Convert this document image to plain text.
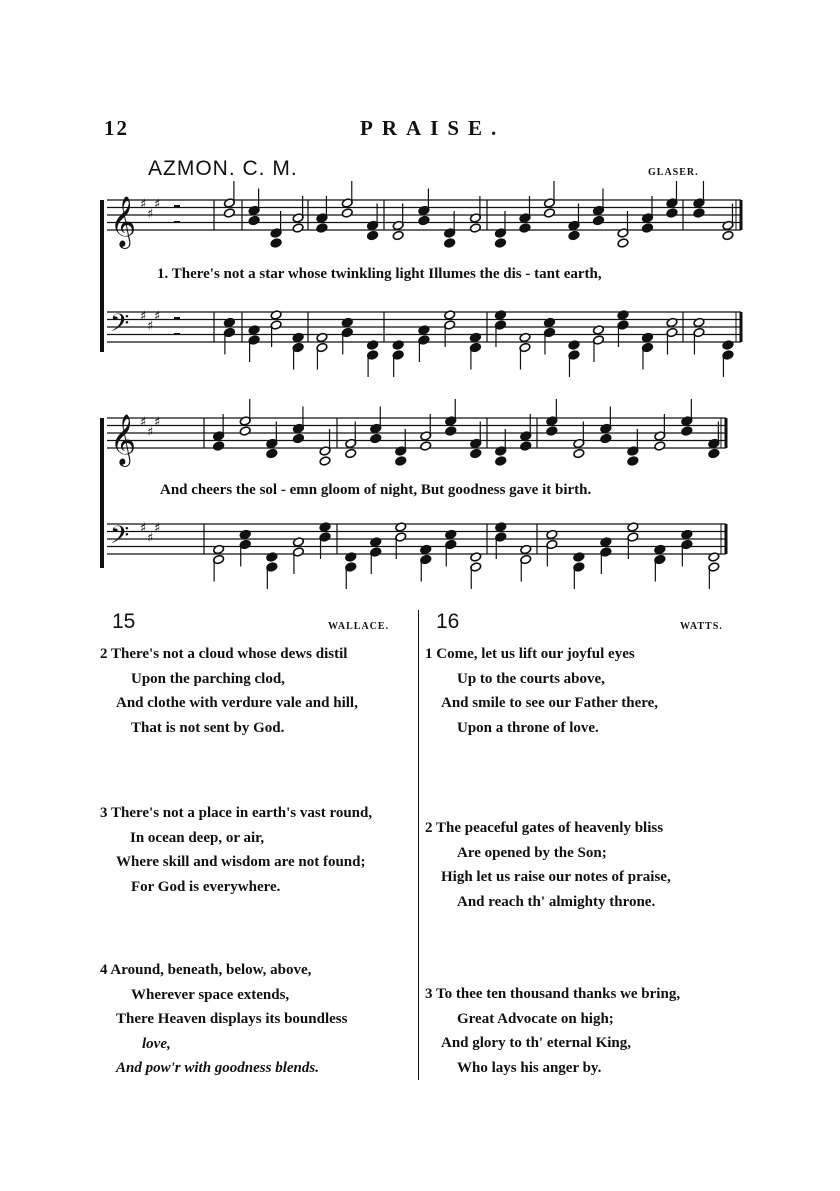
12	PRAISE.
AZMON. C. M.	GLASER.
𝄞 ♯
♯
♯
𝄢 ♯
♯
♯
𝄞 ♯
♯
♯
𝄢 ♯
♯
♯
1. There's not a star whose twinkling light Illumes the dis - tant earth,
And cheers the sol - emn gloom of night, But goodness gave it birth.
15	WALLACE.
2 There's not a cloud whose dews distil
Upon the parching clod,
And clothe with verdure vale and hill,
That is not sent by God.
3 There's not a place in earth's vast round,
In ocean deep, or air,
Where skill and wisdom are not found;
For God is everywhere.
4 Around, beneath, below, above,
Wherever space extends,
There Heaven displays its boundless
love,
And pow'r with goodness blends.
16	WATTS.
1 Come, let us lift our joyful eyes
Up to the courts above,
And smile to see our Father there,
Upon a throne of love.
2 The peaceful gates of heavenly bliss
Are opened by the Son;
High let us raise our notes of praise,
And reach th' almighty throne.
3 To thee ten thousand thanks we bring,
Great Advocate on high;
And glory to th' eternal King,
Who lays his anger by.
